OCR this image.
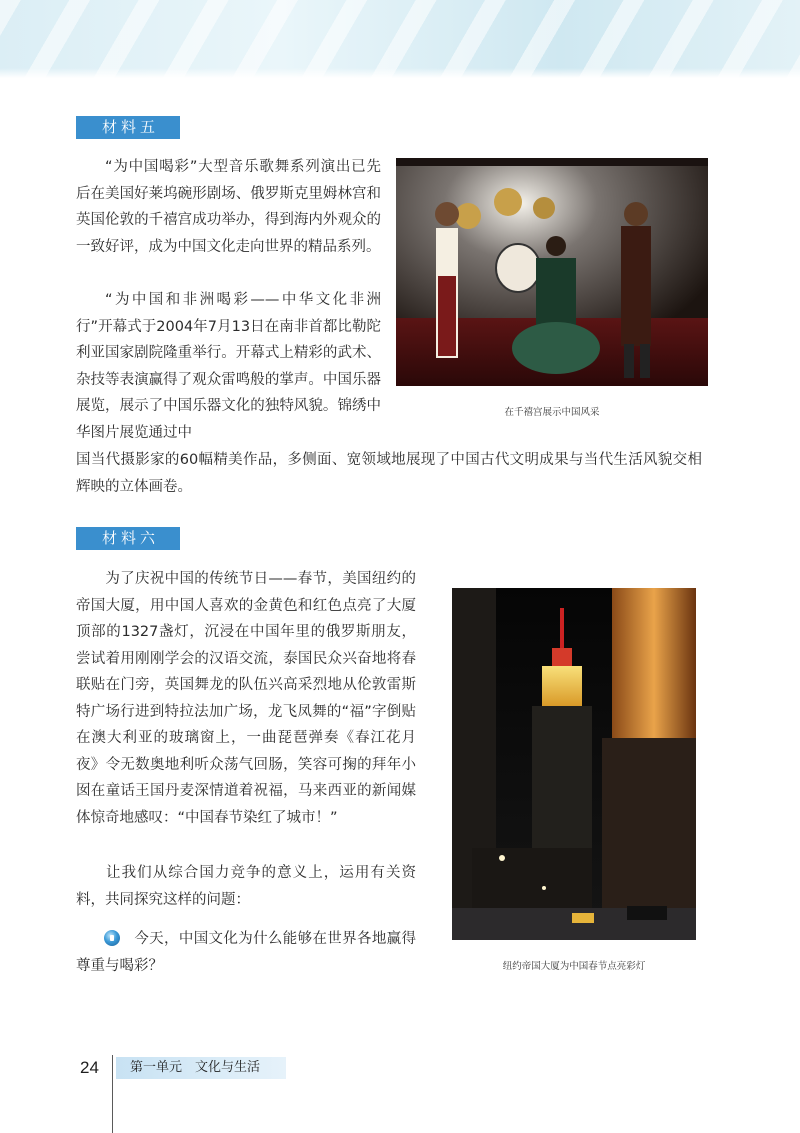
材料五

“为中国喝彩”大型音乐歌舞系列演出已先后在美国好莱坞碗形剧场、俄罗斯克里姆林宫和英国伦敦的千禧宫成功举办，得到海内外观众的一致好评，成为中国文化走向世界的精品系列。

“为中国和非洲喝彩——中华文化非洲行”开幕式于2004年7月13日在南非首都比勒陀利亚国家剧院隆重举行。开幕式上精彩的武术、杂技等表演赢得了观众雷鸣般的掌声。中国乐器展览，展示了中国乐器文化的独特风貌。锦绣中华图片展览通过中

国当代摄影家的60幅精美作品，多侧面、宽领域地展现了中国古代文明成果与当代生活风貌交相辉映的立体画卷。

在千禧宫展示中国风采
材料六

为了庆祝中国的传统节日——春节，美国纽约的帝国大厦，用中国人喜欢的金黄色和红色点亮了大厦顶部的1327盏灯，沉浸在中国年里的俄罗斯朋友，尝试着用刚刚学会的汉语交流，泰国民众兴奋地将春联贴在门旁，英国舞龙的队伍兴高采烈地从伦敦雷斯特广场行进到特拉法加广场，龙飞凤舞的“福”字倒贴在澳大利亚的玻璃窗上，一曲琵琶弹奏《春江花月夜》令无数奥地利听众荡气回肠，笑容可掬的拜年小囡在童话王国丹麦深情道着祝福，马来西亚的新闻媒体惊奇地感叹：“中国春节染红了城市！”

让我们从综合国力竞争的意义上，运用有关资料，共同探究这样的问题：

今天，中国文化为什么能够在世界各地赢得尊重与喝彩？	纽约帝国大厦为中国春节点亮彩灯
24	第一单元　文化与生活
